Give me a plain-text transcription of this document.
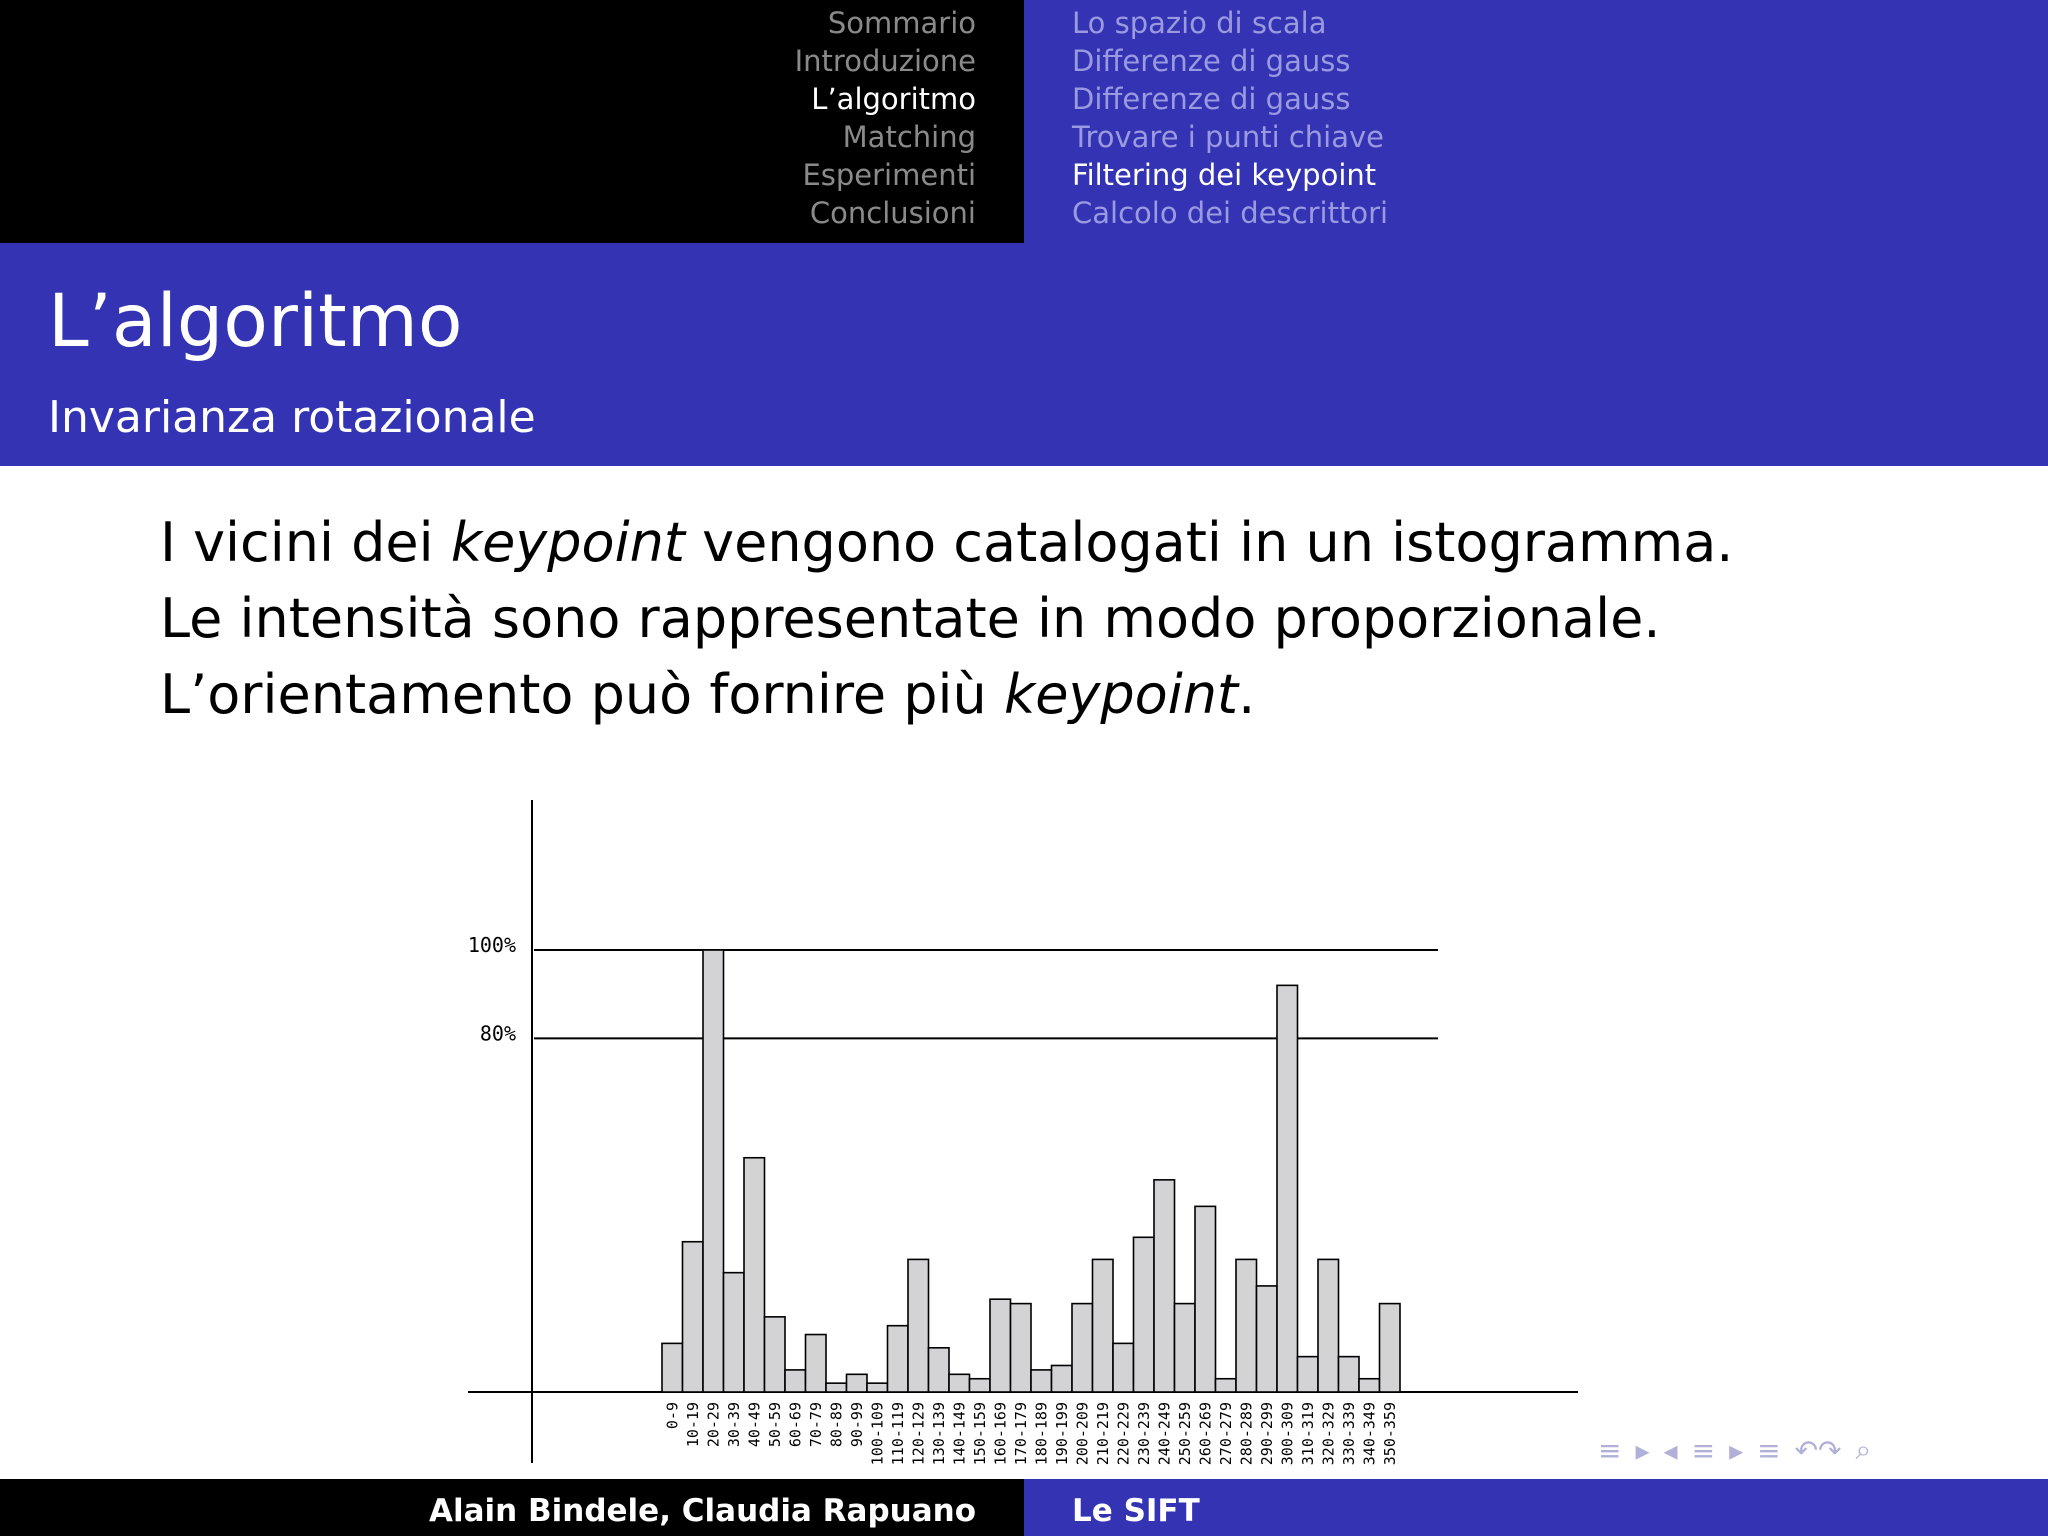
Sommario
Introduzione
L’algoritmo
Matching
Esperimenti
Conclusioni
Lo spazio di scala
Differenze di gauss
Differenze di gauss
Trovare i punti chiave
Filtering dei keypoint
Calcolo dei descrittori
L’algoritmo
Invarianza rotazionale

I vicini dei keypoint vengono catalogati in un istogramma.

Le intensità sono rappresentate in modo proporzionale.

L’orientamento può fornire più keypoint.

100%
80%
0-9 10-19 20-29 30-39 40-49 50-59 60-69 70-79 80-89 90-99 100-109 110-119 120-129 130-139 140-149 150-159 160-169 170-179 180-189 190-199 200-209 210-219 220-229 230-239 240-249 250-259 260-269 270-279 280-289 290-299 300-309 310-319 320-329 330-339 340-349 350-359	≡ ▸ ◂ ≡ ▸ ≡ ↶↷ ⌕
Alain Bindele, Claudia Rapuano	Le SIFT
